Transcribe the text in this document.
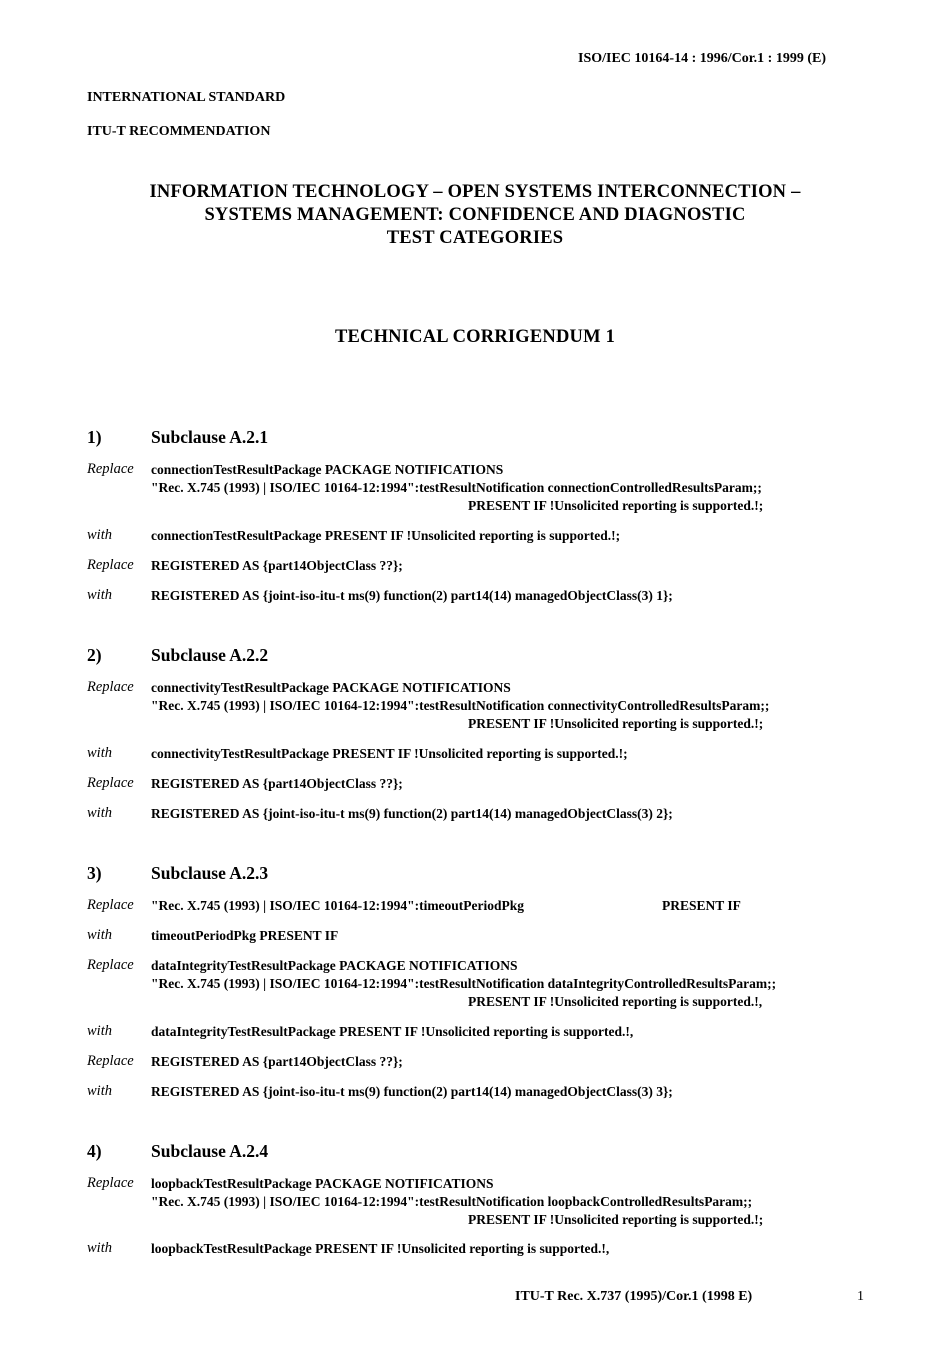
ISO/IEC 10164-14 : 1996/Cor.1 : 1999 (E)
INTERNATIONAL STANDARD
ITU-T RECOMMENDATION
INFORMATION TECHNOLOGY – OPEN SYSTEMS INTERCONNECTION –
SYSTEMS MANAGEMENT: CONFIDENCE AND DIAGNOSTIC
TEST CATEGORIES
TECHNICAL CORRIGENDUM 1
1)	Subclause A.2.1
Replace connectionTestResultPackage PACKAGE NOTIFICATIONS
"Rec. X.745 (1993) | ISO/IEC 10164-12:1994":testResultNotification connectionControlledResultsParam;;
PRESENT IF !Unsolicited reporting is supported.!;
with	connectionTestResultPackage PRESENT IF !Unsolicited reporting is supported.!;
Replace REGISTERED AS {part14ObjectClass ??};
with	REGISTERED AS {joint-iso-itu-t ms(9) function(2) part14(14) managedObjectClass(3) 1};
2)	Subclause A.2.2
Replace connectivityTestResultPackage PACKAGE NOTIFICATIONS
"Rec. X.745 (1993) | ISO/IEC 10164-12:1994":testResultNotification connectivityControlledResultsParam;;
PRESENT IF !Unsolicited reporting is supported.!;
with	connectivityTestResultPackage PRESENT IF !Unsolicited reporting is supported.!;
Replace REGISTERED AS {part14ObjectClass ??};
with	REGISTERED AS {joint-iso-itu-t ms(9) function(2) part14(14) managedObjectClass(3) 2};
3)	Subclause A.2.3
Replace "Rec. X.745 (1993) | ISO/IEC 10164-12:1994":timeoutPeriodPkg	PRESENT IF
with	timeoutPeriodPkg PRESENT IF
Replace dataIntegrityTestResultPackage PACKAGE NOTIFICATIONS
"Rec. X.745 (1993) | ISO/IEC 10164-12:1994":testResultNotification dataIntegrityControlledResultsParam;;
PRESENT IF !Unsolicited reporting is supported.!,
with	dataIntegrityTestResultPackage PRESENT IF !Unsolicited reporting is supported.!,
Replace REGISTERED AS {part14ObjectClass ??};
with	REGISTERED AS {joint-iso-itu-t ms(9) function(2) part14(14) managedObjectClass(3) 3};
4)	Subclause A.2.4
Replace loopbackTestResultPackage PACKAGE NOTIFICATIONS
"Rec. X.745 (1993) | ISO/IEC 10164-12:1994":testResultNotification loopbackControlledResultsParam;;
PRESENT IF !Unsolicited reporting is supported.!;
with	loopbackTestResultPackage PRESENT IF !Unsolicited reporting is supported.!,
ITU-T Rec. X.737 (1995)/Cor.1 (1998 E)	1
